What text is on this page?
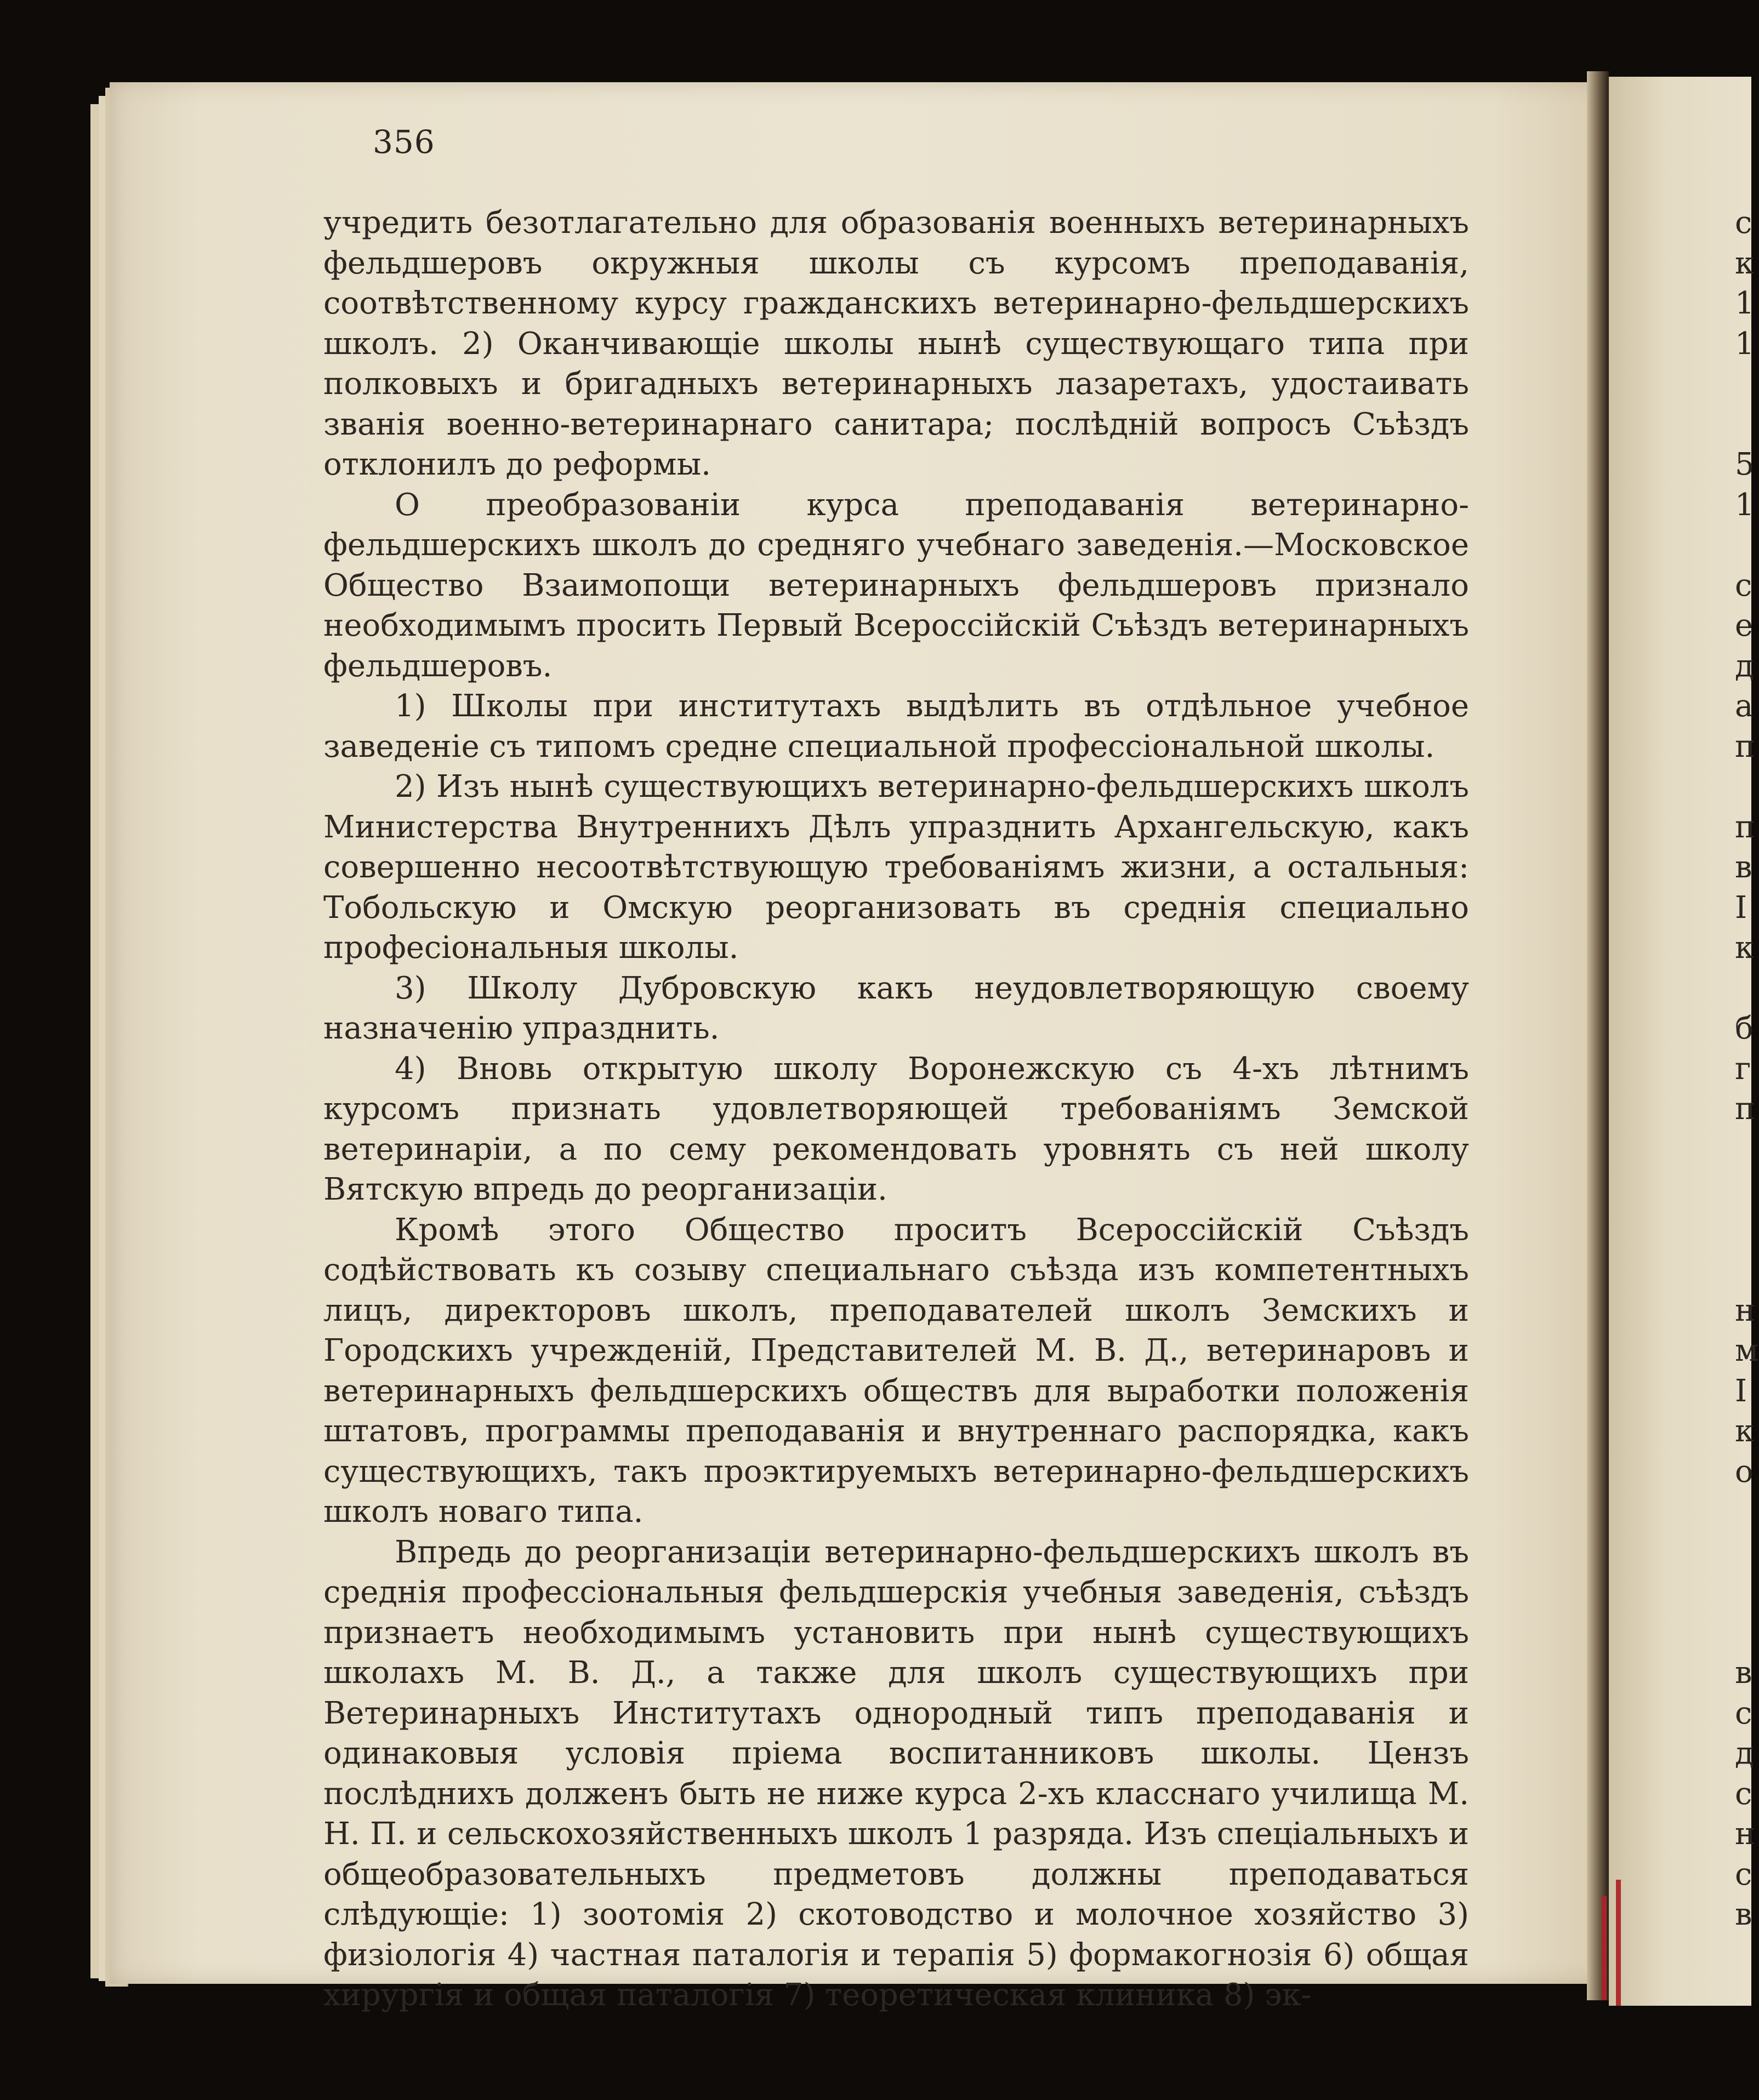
356

учредить безотлагательно для образованія военныхъ ветеринарныхъ фельдшеровъ окружныя школы съ курсомъ преподаванія, соотвѣтственному курсу гражданскихъ ветеринарно-фельдшерскихъ школъ. 2) Оканчивающіе школы нынѣ существующаго типа при полковыхъ и бригадныхъ ветеринарныхъ лазаретахъ, удостаивать званія военно-ветеринарнаго санитара; послѣдній вопросъ Съѣздъ отклонилъ до реформы.

О преобразованіи курса преподаванія ветеринарно-фельдшерскихъ школъ до средняго учебнаго заведенія.—Московское Общество Взаимопощи ветеринарныхъ фельдшеровъ признало необходимымъ просить Первый Всероссійскій Съѣздъ ветеринарныхъ фельдшеровъ.

1) Школы при институтахъ выдѣлить въ отдѣльное учебное заведеніе съ типомъ средне специальной профессіональной школы.

2) Изъ нынѣ существующихъ ветеринарно-фельдшерскихъ школъ Министерства Внутреннихъ Дѣлъ упразднить Архангельскую, какъ совершенно несоотвѣтствующую требованіямъ жизни, а остальныя: Тобольскую и Омскую реорганизовать въ среднія специально професіональныя школы.

3) Школу Дубровскую какъ неудовлетворяющую своему назначенію упразднить.

4) Вновь открытую школу Воронежскую съ 4-хъ лѣтнимъ курсомъ признать удовлетворяющей требованіямъ Земской ветеринаріи, а по сему рекомендовать уровнять съ ней школу Вятскую впредь до реорганизаціи.

Кромѣ этого Общество проситъ Всероссійскій Съѣздъ содѣйствовать къ созыву специальнаго съѣзда изъ компетентныхъ лицъ, директоровъ школъ, преподавателей школъ Земскихъ и Городскихъ учрежденій, Представителей М. В. Д., ветеринаровъ и ветеринарныхъ фельдшерскихъ обществъ для выработки положенія штатовъ, программы преподаванія и внутреннаго распорядка, какъ существующихъ, такъ проэктируемыхъ ветеринарно-фельдшерскихъ школъ новаго типа.

Впредь до реорганизаціи ветеринарно-фельдшерскихъ школъ въ среднія профессіональныя фельдшерскія учебныя заведенія, съѣздъ признаетъ необходимымъ установить при нынѣ существующихъ школахъ М. В. Д., а также для школъ существующихъ при Ветеринарныхъ Институтахъ однородный типъ преподаванія и одинаковыя условія пріема воспитанниковъ школы. Цензъ послѣднихъ долженъ быть не ниже курса 2-хъ класснаго училища М. Н. П. и сельскохозяйственныхъ школъ 1 разряда. Изъ спеціальныхъ и общеобразовательныхъ предметовъ должны преподаваться слѣдующіе: 1) зоотомія 2) скотоводство и молочное хозяйство 3) физіологія 4) частная паталогія и терапія 5) формакогнозія 6) общая хирургія и общая паталогія 7) теоретическая клиника 8) эк-

с
к
1
1
5
1
с
е
д
а
п
п
в
І
к
б
г
п
н
м
І
к
о
в
с
д
с
н
с
в
